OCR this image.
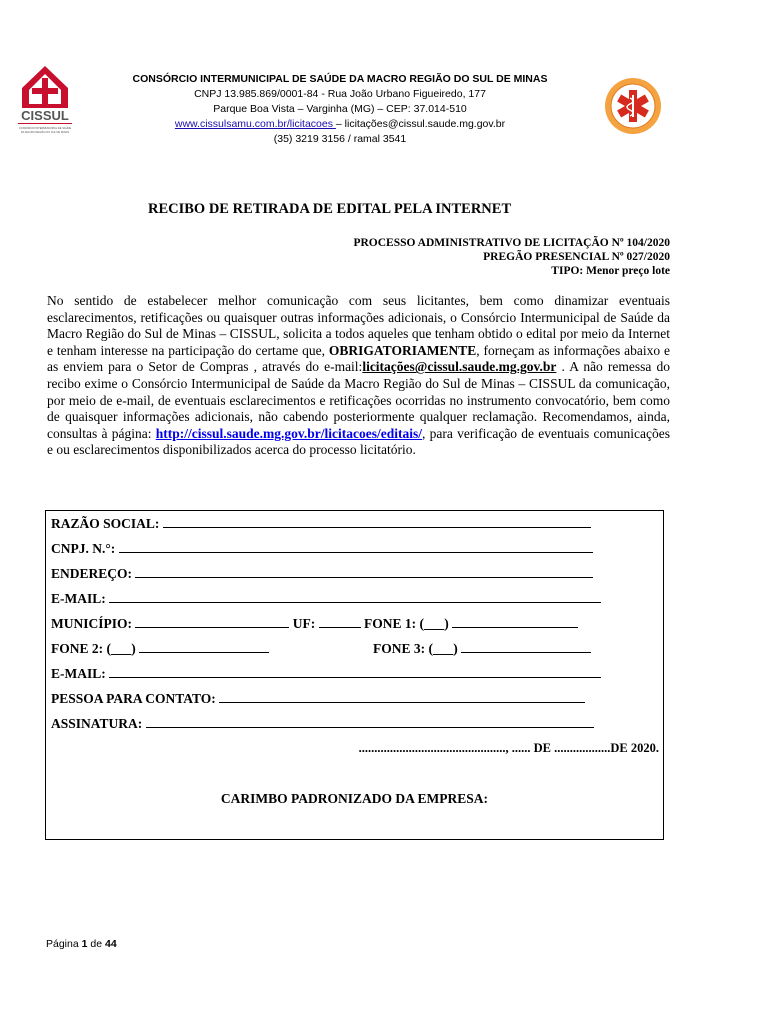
CISSUL
CONSÓRCIO INTERMUNICIPAL DE SAÚDE
DA MACRO REGIÃO DO SUL DE MINAS
CONSÓRCIO INTERMUNICIPAL DE SAÚDE DA MACRO REGIÃO DO SUL DE MINAS
CNPJ 13.985.869/0001-84 - Rua João Urbano Figueiredo, 177
Parque Boa Vista – Varginha (MG) – CEP: 37.014-510
www.cissulsamu.com.br/licitacoes – licitações@cissul.saude.mg.gov.br
(35) 3219 3156 / ramal 3541
RECIBO DE RETIRADA DE EDITAL PELA INTERNET
PROCESSO ADMINISTRATIVO DE LICITAÇÃO Nº 104/2020
PREGÃO PRESENCIAL Nº 027/2020
TIPO: Menor preço lote
No sentido de estabelecer melhor comunicação com seus licitantes, bem como dinamizar eventuais esclarecimentos, retificações ou quaisquer outras informações adicionais, o Consórcio Intermunicipal de Saúde da Macro Região do Sul de Minas – CISSUL, solicita a todos aqueles que tenham obtido o edital por meio da Internet e tenham interesse na participação do certame que, OBRIGATORIAMENTE, forneçam as informações abaixo e as enviem para o Setor de Compras , através do e-mail:licitações@cissul.saude.mg.gov.br . A não remessa do recibo exime o Consórcio Intermunicipal de Saúde da Macro Região do Sul de Minas – CISSUL da comunicação, por meio de e-mail, de eventuais esclarecimentos e retificações ocorridas no instrumento convocatório, bem como de quaisquer informações adicionais, não cabendo posteriormente qualquer reclamação. Recomendamos, ainda, consultas à página: http://cissul.saude.mg.gov.br/licitacoes/editais/, para verificação de eventuais comunicações e ou esclarecimentos disponibilizados acerca do processo licitatório.
RAZÃO SOCIAL:
CNPJ. N.°:
ENDEREÇO:
E-MAIL:
MUNICÍPIO:	UF:	FONE 1: (___)
FONE 2: (___)	FONE 3: (___)
E-MAIL:
PESSOA PARA CONTATO:
ASSINATURA:
..............................................., ...... DE ..................DE 2020.
CARIMBO PADRONIZADO DA EMPRESA:
Página 1 de 44
